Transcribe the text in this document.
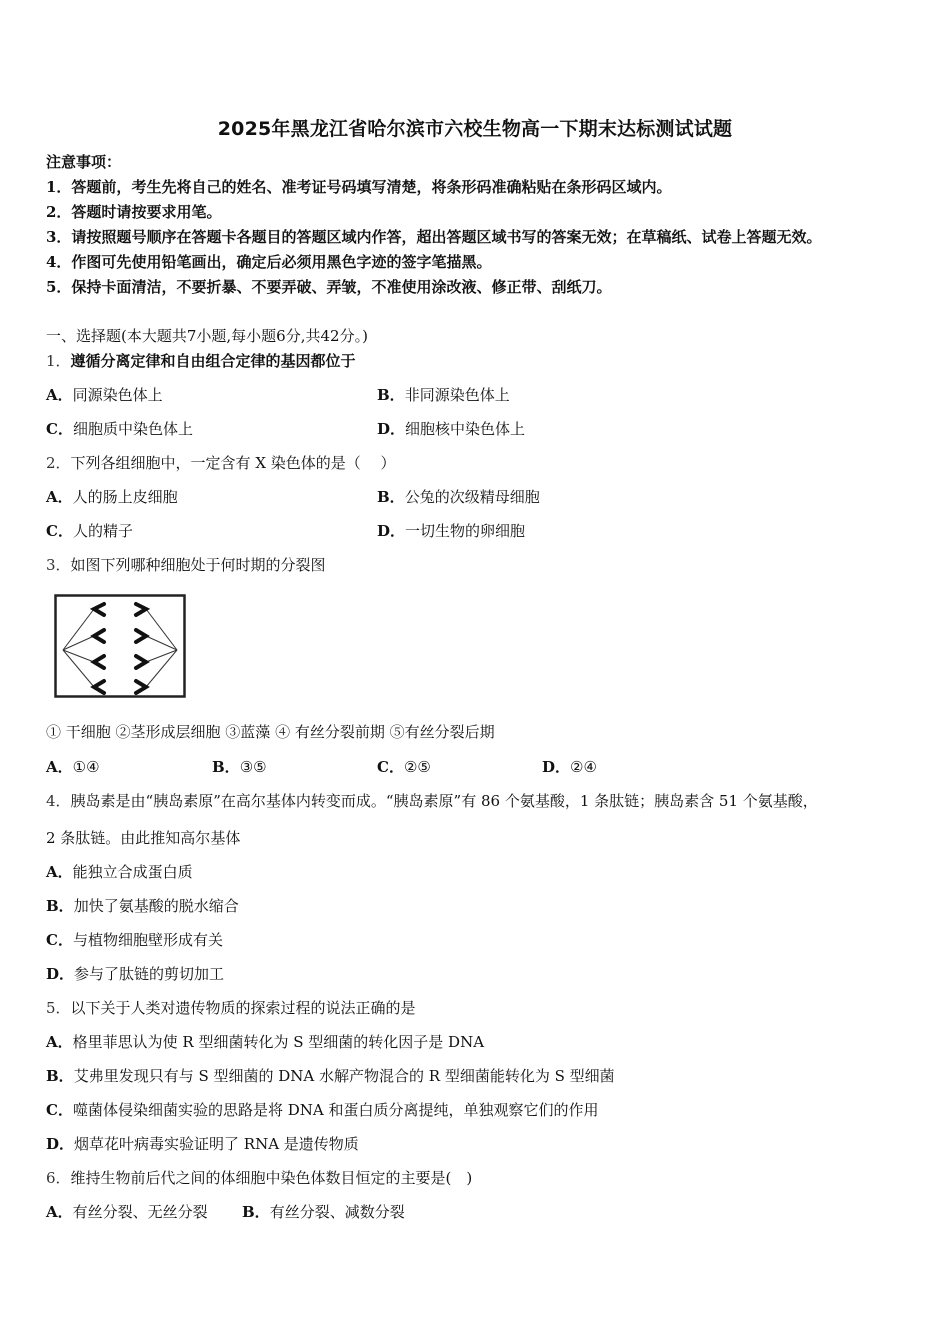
2025年黑龙江省哈尔滨市六校生物高一下期末达标测试试题
注意事项：
1．答题前，考生先将自己的姓名、准考证号码填写清楚，将条形码准确粘贴在条形码区域内。
2．答题时请按要求用笔。
3．请按照题号顺序在答题卡各题目的答题区域内作答，超出答题区域书写的答案无效；在草稿纸、试卷上答题无效。
4．作图可先使用铅笔画出，确定后必须用黑色字迹的签字笔描黑。
5．保持卡面清洁，不要折暴、不要弄破、弄皱，不准使用涂改液、修正带、刮纸刀。
一、选择题(本大题共7小题,每小题6分,共42分。)
1．遵循分离定律和自由组合定律的基因都位于
A．同源染色体上	B．非同源染色体上
C．细胞质中染色体上	D．细胞核中染色体上
2．下列各组细胞中，一定含有 X 染色体的是（　 ）
A．人的肠上皮细胞	B．公兔的次级精母细胞
C．人的精子	D．一切生物的卵细胞
3．如图下列哪种细胞处于何时期的分裂图
① 干细胞 ②茎形成层细胞 ③蓝藻 ④ 有丝分裂前期 ⑤有丝分裂后期
A．①④	B．③⑤	C．②⑤	D．②④
4．胰岛素是由“胰岛素原”在高尔基体内转变而成。“胰岛素原”有 86 个氨基酸，1 条肽链；胰岛素含 51 个氨基酸，
2 条肽链。由此推知高尔基体
A．能独立合成蛋白质
B．加快了氨基酸的脱水缩合
C．与植物细胞壁形成有关
D．参与了肽链的剪切加工
5．以下关于人类对遗传物质的探索过程的说法正确的是
A．格里菲思认为使 R 型细菌转化为 S 型细菌的转化因子是 DNA
B．艾弗里发现只有与 S 型细菌的 DNA 水解产物混合的 R 型细菌能转化为 S 型细菌
C．噬菌体侵染细菌实验的思路是将 DNA 和蛋白质分离提纯，单独观察它们的作用
D．烟草花叶病毒实验证明了 RNA 是遗传物质
6．维持生物前后代之间的体细胞中染色体数目恒定的主要是(　)
A．有丝分裂、无丝分裂 B．有丝分裂、减数分裂
